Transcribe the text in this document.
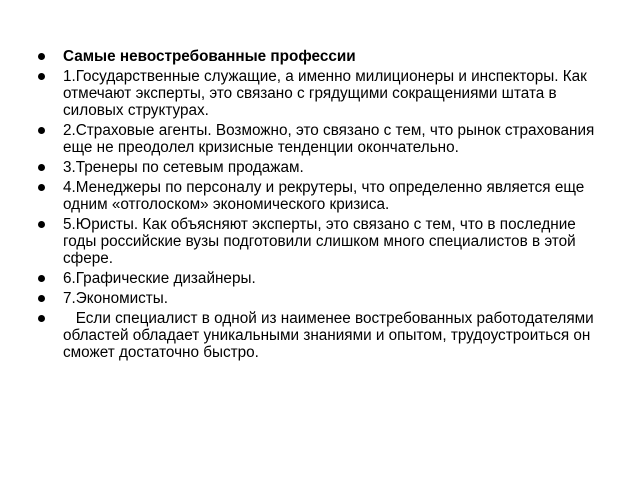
Самые невостребованные профессии
1.Государственные служащие, а именно милиционеры и инспекторы. Как отмечают эксперты, это связано с грядущими сокращениями штата в силовых структурах.
2.Страховые агенты. Возможно, это связано с тем, что рынок страхования еще не преодолел кризисные тенденции окончательно.
3.Тренеры по сетевым продажам.
4.Менеджеры по персоналу и рекрутеры, что определенно является еще одним «отголоском» экономического кризиса.
5.Юристы. Как объясняют эксперты, это связано с тем, что в последние годы российские вузы подготовили слишком много специалистов в этой сфере.
6.Графические дизайнеры.
7.Экономисты.
Если специалист в одной из наименее востребованных работодателями областей обладает уникальными знаниями и опытом, трудоустроиться он сможет достаточно быстро.
